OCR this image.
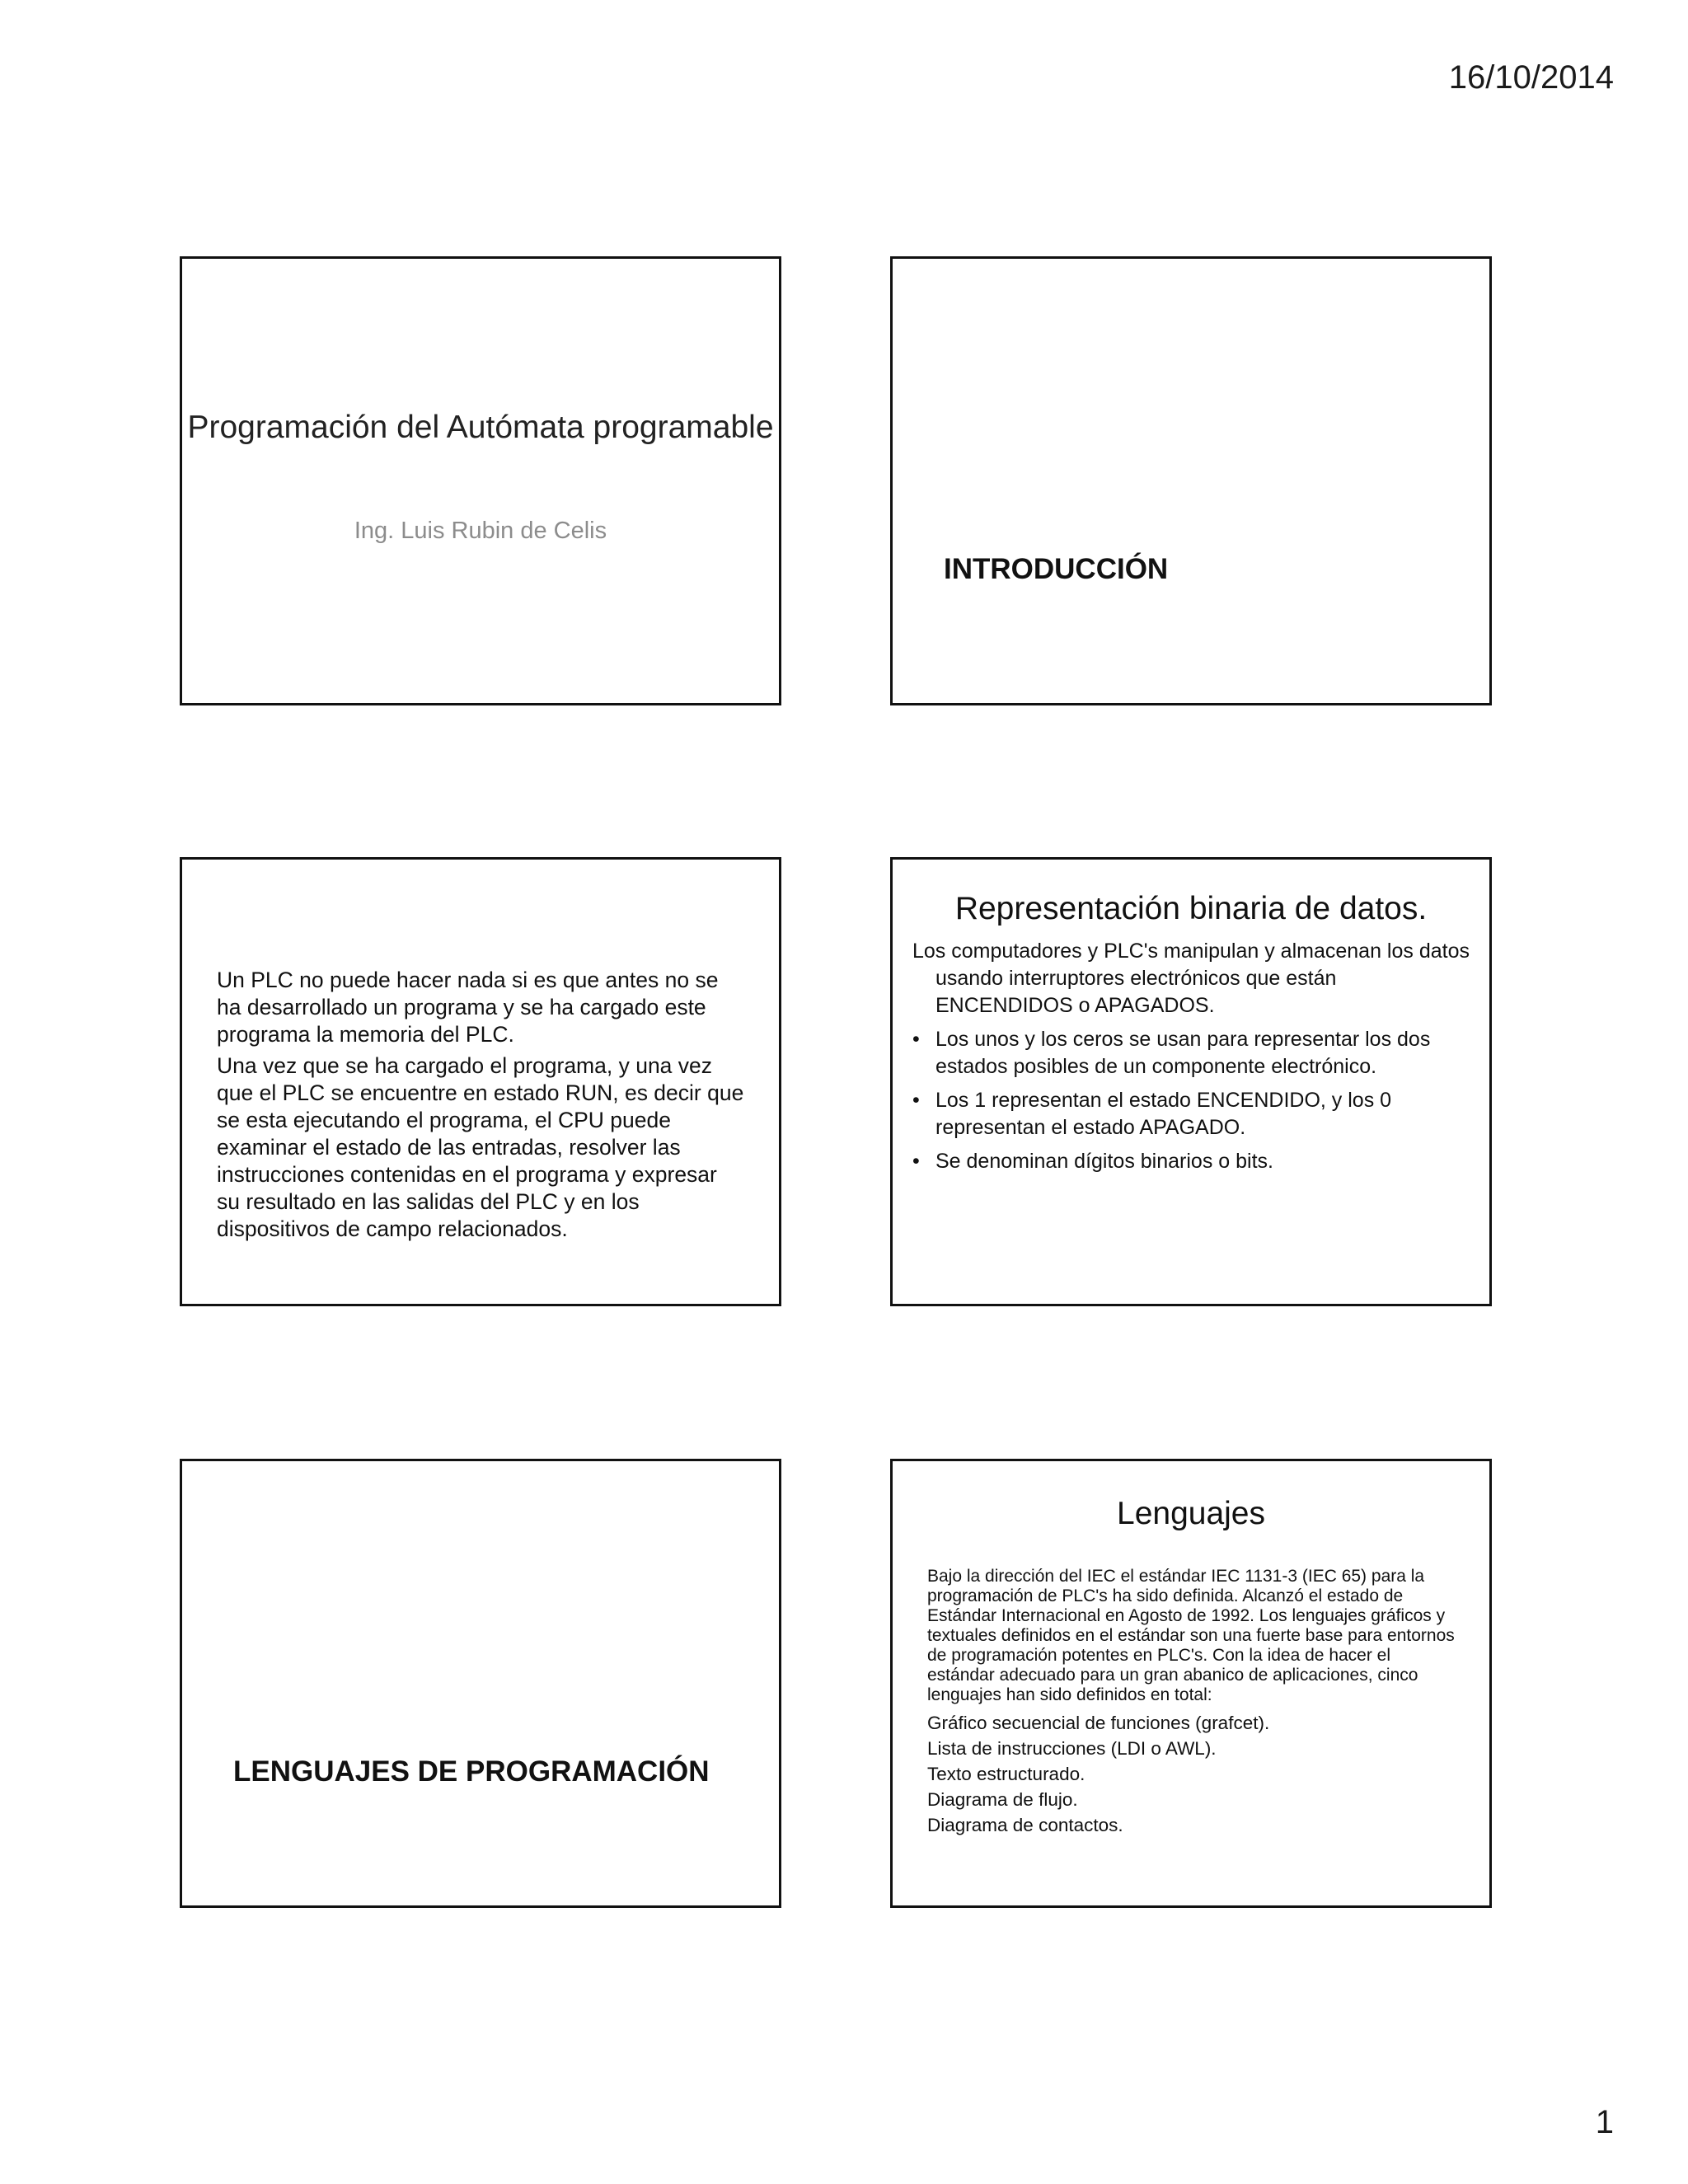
16/10/2014
Programación del Autómata programable
Ing. Luis Rubin de Celis
INTRODUCCIÓN

Un PLC no puede hacer nada si es que antes no se ha desarrollado un programa y se ha cargado este programa la memoria del PLC.

Una vez que se ha cargado el programa, y una vez que el PLC se encuentre en estado RUN, es decir que se esta ejecutando el programa, el CPU puede examinar el estado de las entradas, resolver las instrucciones contenidas en el programa y expresar su resultado en las salidas del PLC y en los dispositivos de campo relacionados.

Representación binaria de datos.

Los computadores y PLC's manipulan y almacenan los datos usando interruptores electrónicos que están ENCENDIDOS o APAGADOS.

• Los unos y los ceros se usan para representar los dos estados posibles de un componente electrónico.
• Los 1 representan el estado ENCENDIDO, y los 0 representan el estado APAGADO.
• Se denominan dígitos binarios o bits.
LENGUAJES DE PROGRAMACIÓN
Lenguajes

Bajo la dirección del IEC el estándar IEC 1131-3 (IEC 65) para la programación de PLC's ha sido definida. Alcanzó el estado de Estándar Internacional en Agosto de 1992. Los lenguajes gráficos y textuales definidos en el estándar son una fuerte base para entornos de programación potentes en PLC's. Con la idea de hacer el estándar adecuado para un gran abanico de aplicaciones, cinco lenguajes han sido definidos en total:

Gráfico secuencial de funciones (grafcet).
Lista de instrucciones (LDI o AWL).
Texto estructurado.
Diagrama de flujo.
Diagrama de contactos.
1
